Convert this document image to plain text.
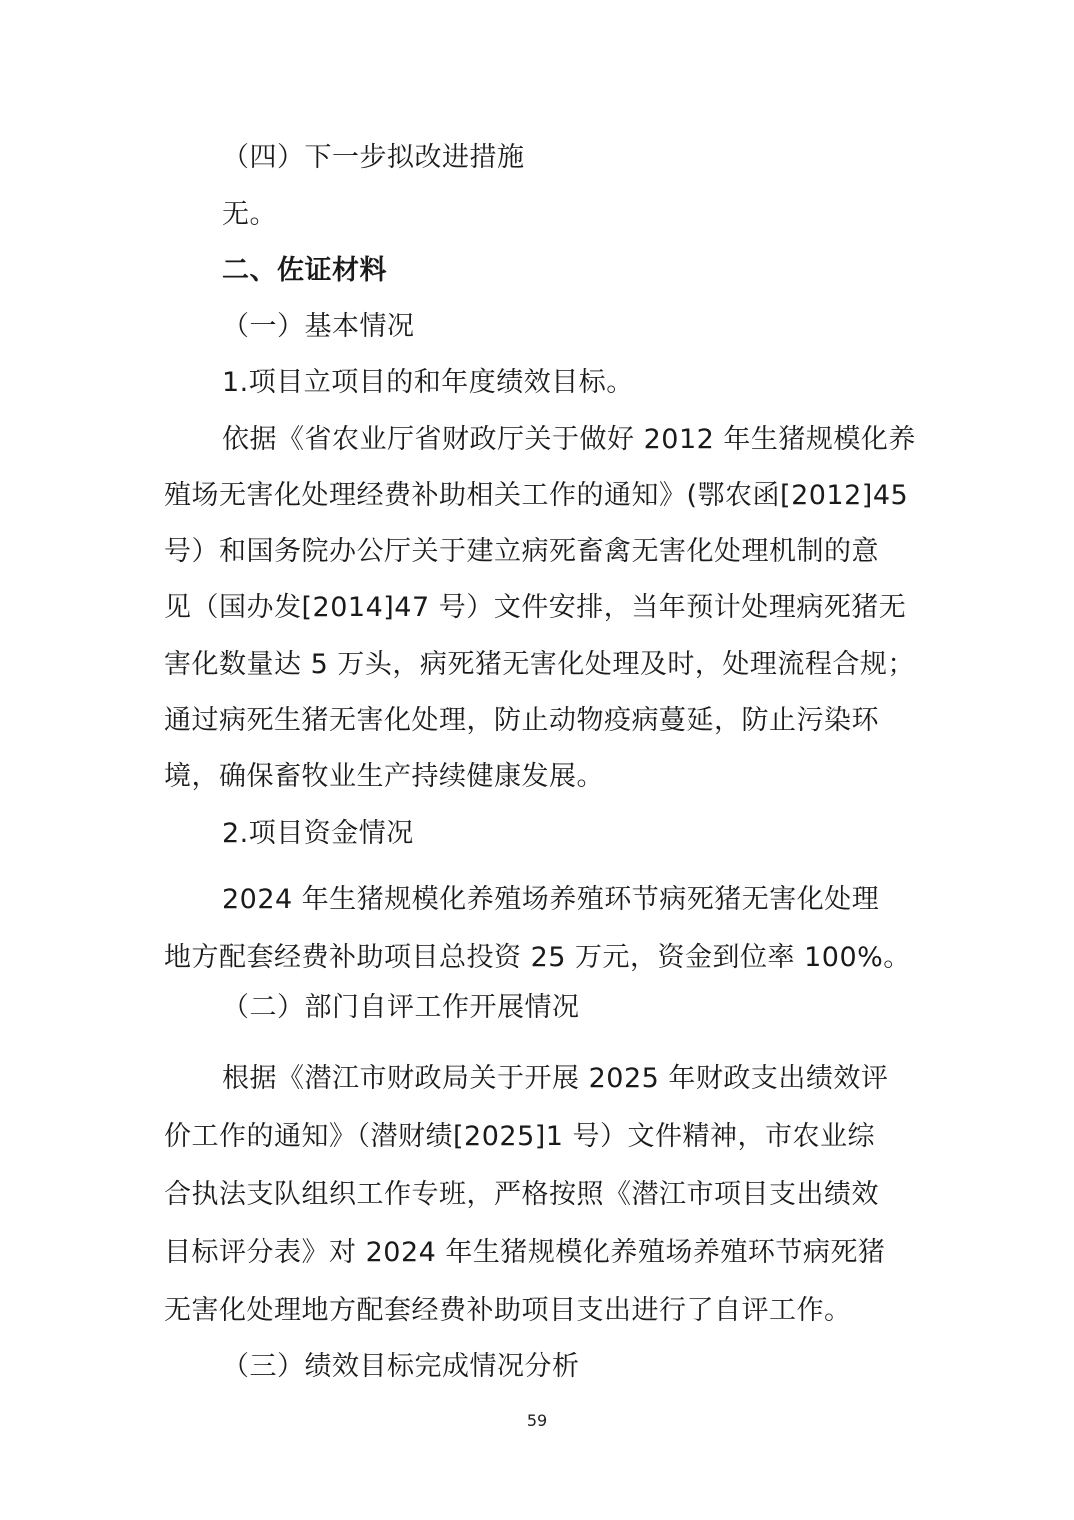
（四）下一步拟改进措施
无。
二、佐证材料
（一）基本情况
1.项目立项目的和年度绩效目标。
依据《省农业厅省财政厅关于做好 2012 年生猪规模化养
殖场无害化处理经费补助相关工作的通知》(鄂农函[2012]45
号）和国务院办公厅关于建立病死畜禽无害化处理机制的意
见（国办发[2014]47 号）文件安排，当年预计处理病死猪无
害化数量达 5 万头，病死猪无害化处理及时，处理流程合规；
通过病死生猪无害化处理，防止动物疫病蔓延，防止污染环
境，确保畜牧业生产持续健康发展。
2.项目资金情况
2024 年生猪规模化养殖场养殖环节病死猪无害化处理
地方配套经费补助项目总投资 25 万元，资金到位率 100%。
（二）部门自评工作开展情况
根据《潜江市财政局关于开展 2025 年财政支出绩效评
价工作的通知》（潜财绩[2025]1 号）文件精神，市农业综
合执法支队组织工作专班，严格按照《潜江市项目支出绩效
目标评分表》对 2024 年生猪规模化养殖场养殖环节病死猪
无害化处理地方配套经费补助项目支出进行了自评工作。
（三）绩效目标完成情况分析
59
